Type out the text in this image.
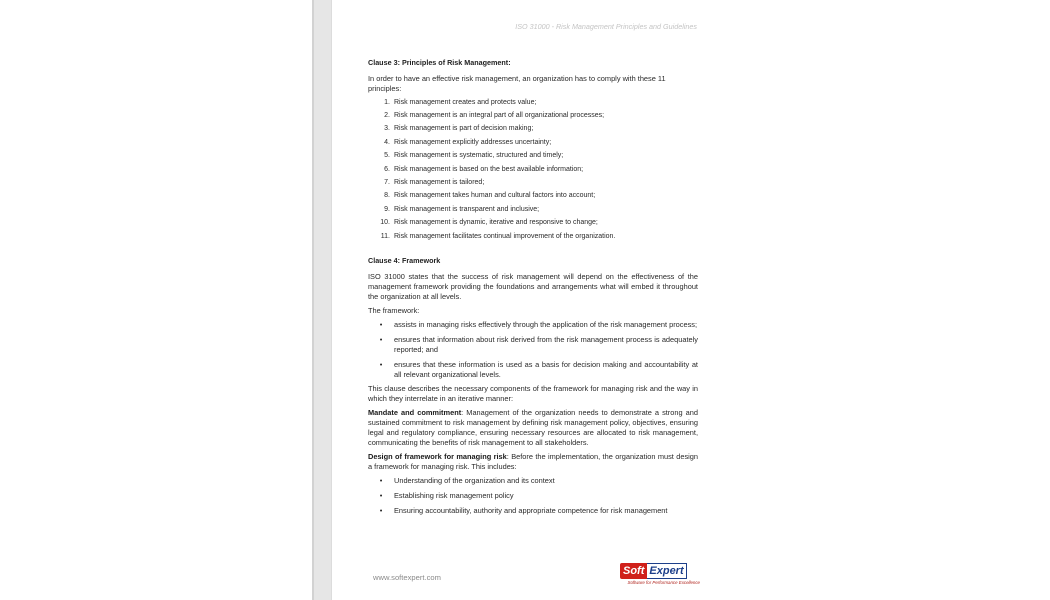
ISO 31000 - Risk Management Principles and Guidelines
Clause 3: Principles of Risk Management:

In order to have an effective risk management, an organization has to comply with these 11 principles:

1. Risk management creates and protects value;
2. Risk management is an integral part of all organizational processes;
3. Risk management is part of decision making;
4. Risk management explicitly addresses uncertainty;
5. Risk management is systematic, structured and timely;
6. Risk management is based on the best available information;
7. Risk management is tailored;
8. Risk management takes human and cultural factors into account;
9. Risk management is transparent and inclusive;
10. Risk management is dynamic, iterative and responsive to change;
11. Risk management facilitates continual improvement of the organization.
Clause 4: Framework

ISO 31000 states that the success of risk management will depend on the effectiveness of the management framework providing the foundations and arrangements what will embed it throughout the organization at all levels.

The framework:

•	assists in managing risks effectively through the application of the risk management process;
•	ensures that information about risk derived from the risk management process is adequately reported; and
•	ensures that these information is used as a basis for decision making and accountability at all relevant organizational levels.

This clause describes the necessary components of the framework for managing risk and the way in which they interrelate in an iterative manner:

Mandate and commitment: Management of the organization needs to demonstrate a strong and sustained commitment to risk management by defining risk management policy, objectives, ensuring legal and regulatory compliance, ensuring necessary resources are allocated to risk management, communicating the benefits of risk management to all stakeholders.

Design of framework for managing risk: Before the implementation, the organization must design a framework for managing risk. This includes:

•	Understanding of the organization and its context
•	Establishing risk management policy
•	Ensuring accountability, authority and appropriate competence for risk management
www.softexpert.com
Soft Expert
Software for Performance Excellence
